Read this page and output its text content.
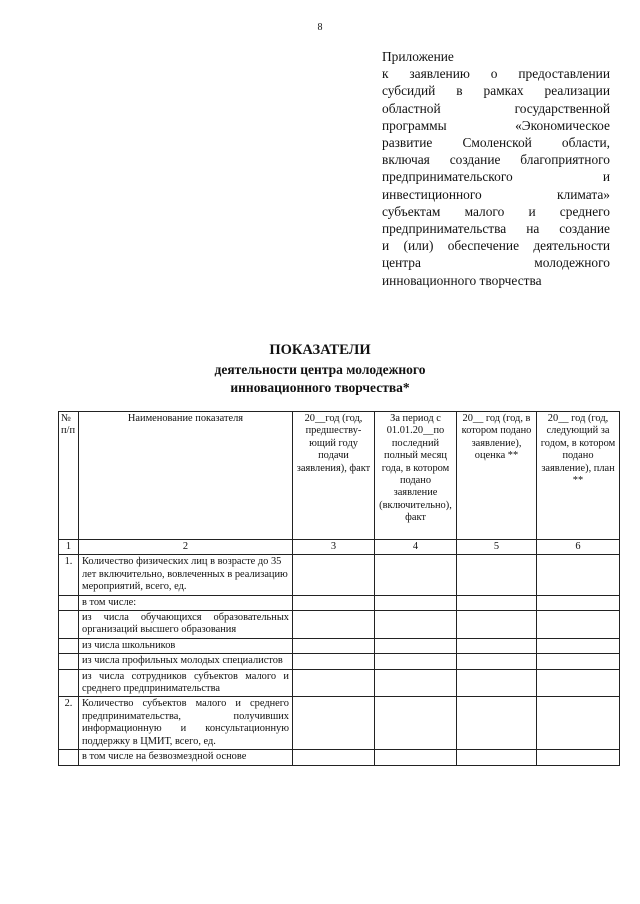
8
Приложение
к заявлению о предоставлении
субсидий в рамках реализации
областной государственной
программы «Экономическое
развитие Смоленской области,
включая создание благоприятного
предпринимательского и
инвестиционного климата»
субъектам малого и среднего
предпринимательства на создание
и (или) обеспечение деятельности
центра молодежного
инновационного творчества
ПОКАЗАТЕЛИ
деятельности центра молодежного
инновационного творчества*
№ п/п	Наименование показателя	20__год (год, предшеству-ющий году подачи заявления), факт	За период с 01.01.20__по последний полный месяц года, в котором подано заявление (включительно), факт	20__ год (год, в котором подано заявление), оценка **	20__ год (год, следующий за годом, в котором подано заявление), план **
1	2	3	4	5	6
1.	Количество физических лиц в возрасте до 35 лет включительно, вовлеченных в реализацию мероприятий, всего, ед.				
	в том числе:				
	из числа обучающихся образовательных организаций высшего образования				
	из числа школьников				
	из числа профильных молодых специалистов				
	из числа сотрудников субъектов малого и среднего предпринимательства				
2.	Количество субъектов малого и среднего предпринимательства, получивших информационную и консультационную поддержку в ЦМИТ, всего, ед.				
	в том числе на безвозмездной основе				
